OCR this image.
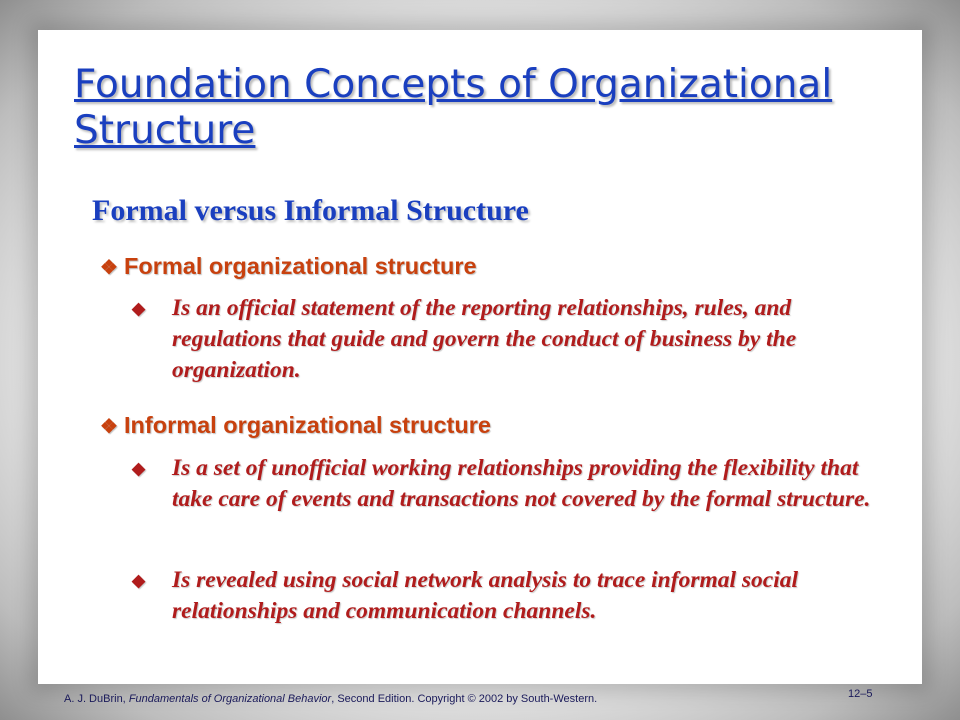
Foundation Concepts of Organizational Structure
Formal versus Informal Structure
❖ Formal organizational structure
◆ Is an official statement of the reporting relationships, rules, and regulations that guide and govern the conduct of business by the organization.
❖ Informal organizational structure
◆ Is a set of unofficial working relationships providing the flexibility that take care of events and transactions not covered by the formal structure.
◆ Is revealed using social network analysis to trace informal social relationships and communication channels.
A. J. DuBrin, Fundamentals of Organizational Behavior, Second Edition. Copyright © 2002 by South-Western.	12–5
